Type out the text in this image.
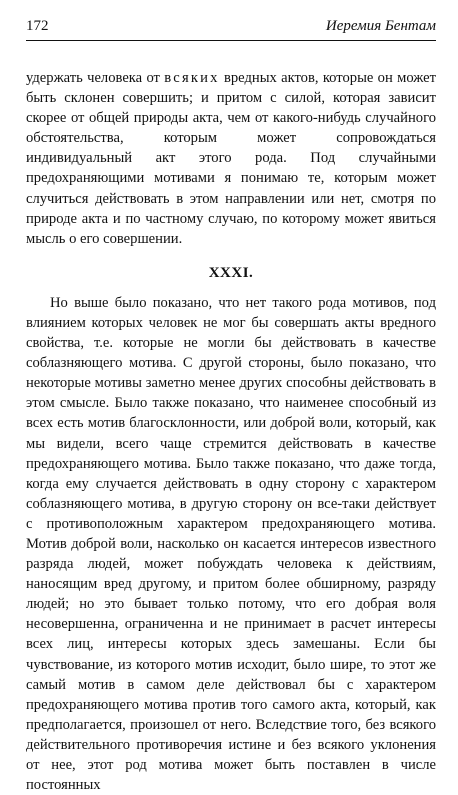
172	Иеремия Бентам

удержать человека от всяких вредных актов, которые он может быть склонен совершить; и притом с силой, которая зависит скорее от общей природы акта, чем от какого-нибудь случайного обстоятельства, которым может сопровождаться индивидуальный акт этого рода. Под случайными предохраняющими мотивами я понимаю те, которым может случиться действовать в этом направлении или нет, смотря по природе акта и по частному случаю, по которому может явиться мысль о его совершении.

XXXI.

Но выше было показано, что нет такого рода мотивов, под влиянием которых человек не мог бы совершать акты вредного свойства, т.е. которые не могли бы действовать в качестве соблазняющего мотива. С другой стороны, было показано, что некоторые мотивы заметно менее других способны действовать в этом смысле. Было также показано, что наименее способный из всех есть мотив благосклонности, или доброй воли, который, как мы видели, всего чаще стремится действовать в качестве предохраняющего мотива. Было также показано, что даже тогда, когда ему случается действовать в одну сторону с характером соблазняющего мотива, в другую сторону он все-таки действует с противоположным характером предохраняющего мотива. Мотив доброй воли, насколько он касается интересов известного разряда людей, может побуждать человека к действиям, наносящим вред другому, и притом более обширному, разряду людей; но это бывает только потому, что его добрая воля несовершенна, ограниченна и не принимает в расчет интересы всех лиц, интересы которых здесь замешаны. Если бы чувствование, из которого мотив исходит, было шире, то этот же самый мотив в самом деле действовал бы с характером предохраняющего мотива против того самого акта, который, как предполагается, произошел от него. Вследствие того, без всякого действительного противоречия истине и без всякого уклонения от нее, этот род мотива может быть поставлен в числе постоянных
